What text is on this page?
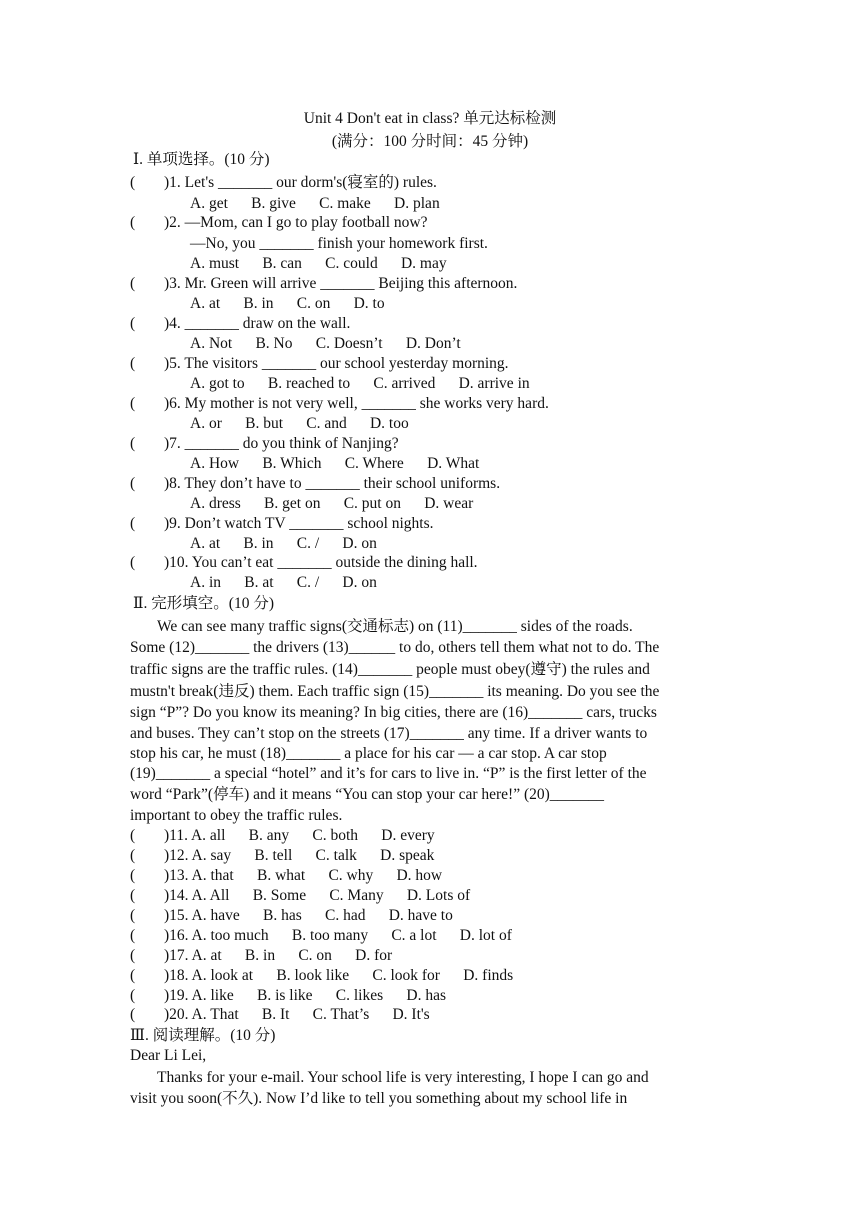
Unit 4 Don't eat in class? 单元达标检测
(满分：100 分时间：45 分钟)
Ⅰ. 单项选择。(10 分)
( )1. Let's _______ our dorm's(寝室的) rules.
A. get      B. give      C. make      D. plan
( )2. —Mom, can I go to play football now?
—No, you _______ finish your homework first.
A. must      B. can      C. could      D. may
( )3. Mr. Green will arrive _______ Beijing this afternoon.
A. at      B. in      C. on      D. to
( )4. _______ draw on the wall.
A. Not      B. No      C. Doesn’t      D. Don’t
( )5. The visitors _______ our school yesterday morning.
A. got to      B. reached to      C. arrived      D. arrive in
( )6. My mother is not very well, _______ she works very hard.
A. or      B. but      C. and      D. too
( )7. _______ do you think of Nanjing?
A. How      B. Which      C. Where      D. What
( )8. They don’t have to _______ their school uniforms.
A. dress      B. get on      C. put on      D. wear
( )9. Don’t watch TV _______ school nights.
A. at      B. in      C. /      D. on
( )10. You can’t eat _______ outside the dining hall.
A. in      B. at      C. /      D. on
Ⅱ. 完形填空。(10 分)
We can see many traffic signs(交通标志) on (11)_______ sides of the roads.
Some (12)_______ the drivers (13)______ to do, others tell them what not to do. The
traffic signs are the traffic rules. (14)_______ people must obey(遵守) the rules and
mustn't break(违反) them. Each traffic sign (15)_______ its meaning. Do you see the
sign “P”? Do you know its meaning? In big cities, there are (16)_______ cars, trucks
and buses. They can’t stop on the streets (17)_______ any time. If a driver wants to
stop his car, he must (18)_______ a place for his car — a car stop. A car stop
(19)_______ a special “hotel” and it’s for cars to live in. “P” is the first letter of the
word “Park”(停车) and it means “You can stop your car here!” (20)_______
important to obey the traffic rules.
( )11. A. all      B. any      C. both      D. every
( )12. A. say      B. tell      C. talk      D. speak
( )13. A. that      B. what      C. why      D. how
( )14. A. All      B. Some      C. Many      D. Lots of
( )15. A. have      B. has      C. had      D. have to
( )16. A. too much      B. too many      C. a lot      D. lot of
( )17. A. at      B. in      C. on      D. for
( )18. A. look at      B. look like      C. look for      D. finds
( )19. A. like      B. is like      C. likes      D. has
( )20. A. That      B. It      C. That’s      D. It's
Ⅲ. 阅读理解。(10 分)
Dear Li Lei,
Thanks for your e-mail. Your school life is very interesting, I hope I can go and
visit you soon(不久). Now I’d like to tell you something about my school life in
